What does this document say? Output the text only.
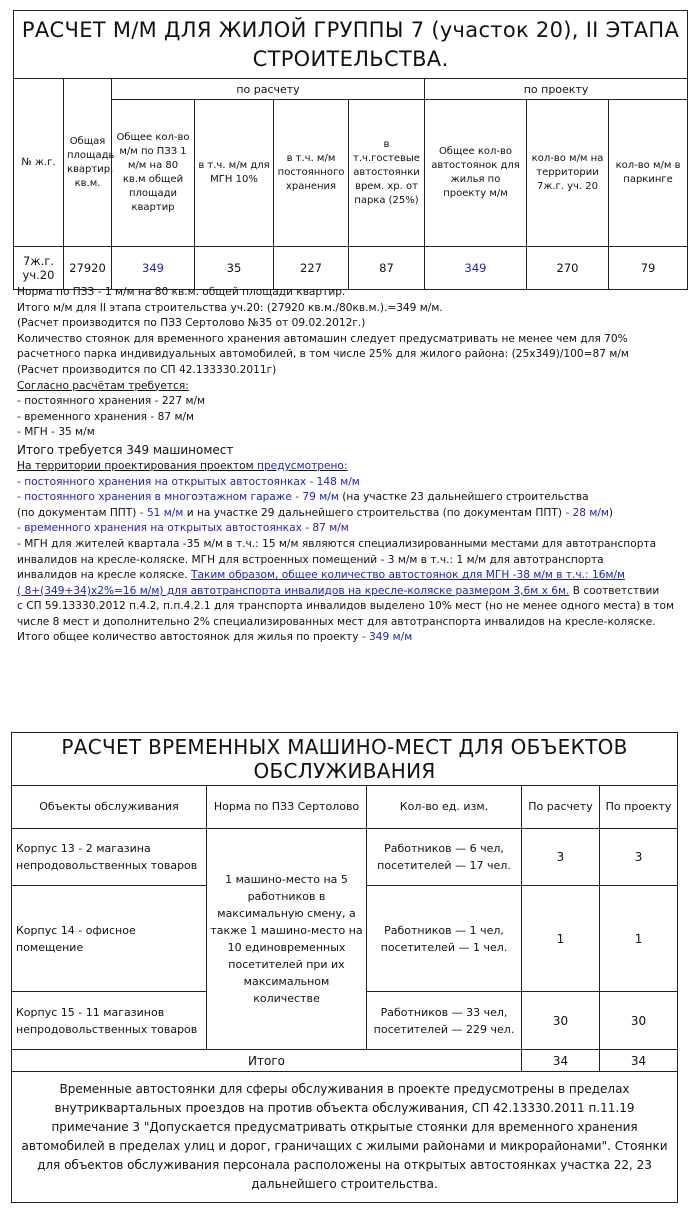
РАСЧЕТ М/М ДЛЯ ЖИЛОЙ ГРУППЫ 7 (участок 20), II ЭТАПА
СТРОИТЕЛЬСТВА.								

№ ж.г.	Общая площадь квартир, кв.м.	по расчету				по проекту		
		Общее кол-во м/м по ПЗЗ 1 м/м на 80 кв.м общей площади квартир	в т.ч. м/м для МГН 10%	в т.ч. м/м постоянного хранения	в т.ч.гостевые автостоянки врем. хр. от парка (25%)	Общее кол-во автостоянок для жилья по проекту м/м	кол-во м/м на территории 7ж.г. уч. 20	кол-во м/м в паркинге
7ж.г. уч.20	27920	349	35	227	87	349	270	79

Норма по ПЗЗ - 1 м/м на 80 кв.м. общей площади квартир.

Итого м/м для II этапа строительства уч.20: (27920 кв.м./80кв.м.).=349 м/м.

(Расчет производится по ПЗЗ Сертолово №35 от 09.02.2012г.)

Количество стоянок для временного хранения автомашин следует предусматривать не менее чем для 70%

расчетного парка индивидуальных автомобилей, в том числе 25% для жилого района: (25х349)/100=87 м/м

(Расчет производится по СП 42.133330.2011г)

Согласно расчётам требуется:

- постоянного хранения - 227 м/м

- временного хранения - 87 м/м

- МГН - 35 м/м

Итого требуется 349 машиномест

На территории проектирования проектом предусмотрено:

- постоянного хранения на открытых автостоянках - 148 м/м

- постоянного хранения в многоэтажном гараже - 79 м/м (на участке 23 дальнейшего строительства

(по документам ППТ) - 51 м/м и на участке 29 дальнейшего строительства (по документам ППТ) - 28 м/м)

- временного хранения на открытых автостоянках - 87 м/м

- МГН для жителей квартала -35 м/м в т.ч.: 15 м/м являются специализированными местами для автотранспорта

инвалидов на кресле-коляске. МГН для встроенных помещений - 3 м/м в т.ч.: 1 м/м для автотранспорта

инвалидов на кресле коляске. Таким образом, общее количество автостоянок для МГН -38 м/м в т.ч.: 16м/м

( 8+(349+34)х2%=16 м/м) для автотранспорта инвалидов на кресле-коляске размером 3,6м х 6м. В соответствии

с СП 59.13330.2012 п.4.2, п.п.4.2.1 для транспорта инвалидов выделено 10% мест (но не менее одного места) в том

числе 8 мест и дополнительно 2% специализированных мест для автотранспорта инвалидов на кресле-коляске.

Итого общее количество автостоянок для жилья по проекту - 349 м/м

РАСЧЕТ ВРЕМЕННЫХ МАШИНО-МЕСТ ДЛЯ ОБЪЕКТОВ ОБСЛУЖИВАНИЯ				
Объекты обслуживания	Норма по ПЗЗ Сертолово	Кол-во ед. изм.	По расчету	По проекту
Корпус 13 - 2 магазина непродовольственных товаров	1 машино-место на 5 работников в максимальную смену, а также 1 машино-место на 10 единовременных посетителей при их максимальном количестве	Работников — 6 чел,
посетителей — 17 чел.	3	3
Корпус 14 - офисное помещение		Работников — 1 чел,
посетителей — 1 чел.	1	1
Корпус 15 - 11 магазинов непродовольственных товаров		Работников — 33 чел,
посетителей — 229 чел.	30	30
Итого			34	34
Временные автостоянки для сферы обслуживания в проекте предусмотрены в пределах внутриквартальных проездов на против объекта обслуживания, СП 42.13330.2011 п.11.19 примечание 3 "Допускается предусматривать открытые стоянки для временного хранения автомобилей в пределах улиц и дорог, граничащих с жилыми районами и микрорайонами". Стоянки для объектов обслуживания персонала расположены на открытых автостоянках участка 22, 23 дальнейшего строительства.				
